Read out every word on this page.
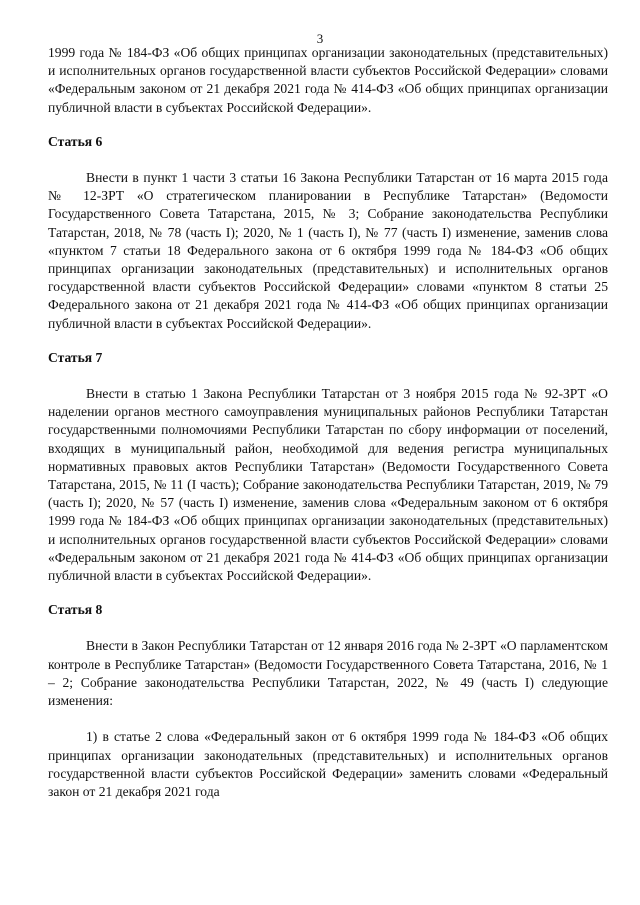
3

1999 года № 184-ФЗ «Об общих принципах организации законодательных (представительных) и исполнительных органов государственной власти субъектов Российской Федерации» словами «Федеральным законом от 21 декабря 2021 года № 414-ФЗ «Об общих принципах организации публичной власти в субъектах Российской Федерации».

Статья 6

Внести в пункт 1 части 3 статьи 16 Закона Республики Татарстан от 16 марта 2015 года № 12-ЗРТ «О стратегическом планировании в Республике Татарстан» (Ведомости Государственного Совета Татарстана, 2015, № 3; Собрание законодательства Республики Татарстан, 2018, № 78 (часть I); 2020, № 1 (часть I), № 77 (часть I) изменение, заменив слова «пунктом 7 статьи 18 Федерального закона от 6 октября 1999 года № 184-ФЗ «Об общих принципах организации законодательных (представительных) и исполнительных органов государственной власти субъектов Российской Федерации» словами «пунктом 8 статьи 25 Федерального закона от 21 декабря 2021 года № 414-ФЗ «Об общих принципах организации публичной власти в субъектах Российской Федерации».

Статья 7

Внести в статью 1 Закона Республики Татарстан от 3 ноября 2015 года № 92-ЗРТ «О наделении органов местного самоуправления муниципальных районов Республики Татарстан государственными полномочиями Республики Татарстан по сбору информации от поселений, входящих в муниципальный район, необходимой для ведения регистра муниципальных нормативных правовых актов Республики Татарстан» (Ведомости Государственного Совета Татарстана, 2015, № 11 (I часть); Собрание законодательства Республики Татарстан, 2019, № 79 (часть I); 2020, № 57 (часть I) изменение, заменив слова «Федеральным законом от 6 октября 1999 года № 184-ФЗ «Об общих принципах организации законодательных (представительных) и исполнительных органов государственной власти субъектов Российской Федерации» словами «Федеральным законом от 21 декабря 2021 года № 414-ФЗ «Об общих принципах организации публичной власти в субъектах Российской Федерации».

Статья 8

Внести в Закон Республики Татарстан от 12 января 2016 года № 2-ЗРТ «О парламентском контроле в Республике Татарстан» (Ведомости Государственного Совета Татарстана, 2016, № 1 – 2; Собрание законодательства Республики Татарстан, 2022, № 49 (часть I) следующие изменения:

1) в статье 2 слова «Федеральный закон от 6 октября 1999 года № 184-ФЗ «Об общих принципах организации законодательных (представительных) и исполнительных органов государственной власти субъектов Российской Федерации» заменить словами «Федеральный закон от 21 декабря 2021 года
